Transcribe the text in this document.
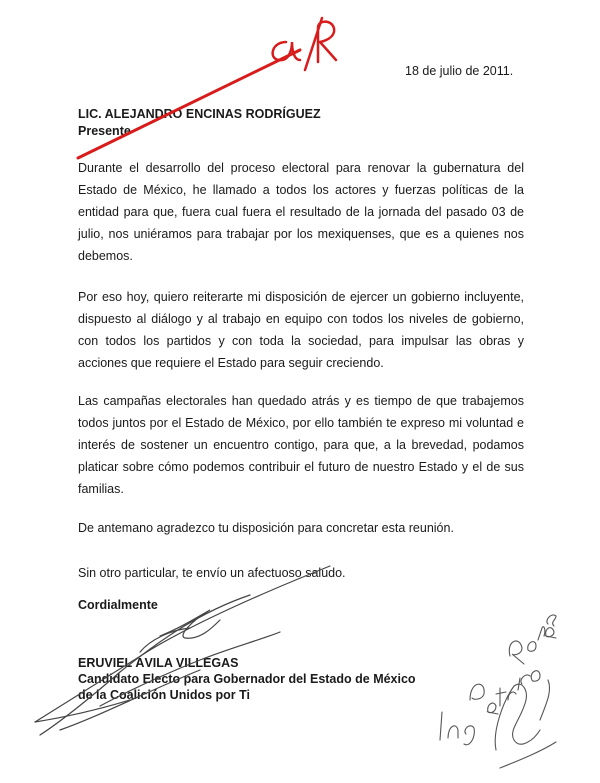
18 de julio de 2011.
LIC. ALEJANDRO ENCINAS RODRÍGUEZ
Presente

Durante el desarrollo del proceso electoral para renovar la gubernatura del Estado de México, he llamado a todos los actores y fuerzas políticas de la entidad para que, fuera cual fuera el resultado de la jornada del pasado 03 de julio, nos uniéramos para trabajar por los mexiquenses, que es a quienes nos debemos.

Por eso hoy, quiero reiterarte mi disposición de ejercer un gobierno incluyente, dispuesto al diálogo y al trabajo en equipo con todos los niveles de gobierno, con todos los partidos y con toda la sociedad, para impulsar las obras y acciones que requiere el Estado para seguir creciendo.

Las campañas electorales han quedado atrás y es tiempo de que trabajemos todos juntos por el Estado de México, por ello también te expreso mi voluntad e interés de sostener un encuentro contigo, para que, a la brevedad, podamos platicar sobre cómo podemos contribuir el futuro de nuestro Estado y el de sus familias.

De antemano agradezco tu disposición para concretar esta reunión.

Sin otro particular, te envío un afectuoso saludo.

Cordialmente
ERUVIEL ÁVILA VILLEGAS
Candidato Electo para Gobernador del Estado de México
de la Coalición Unidos por Ti
